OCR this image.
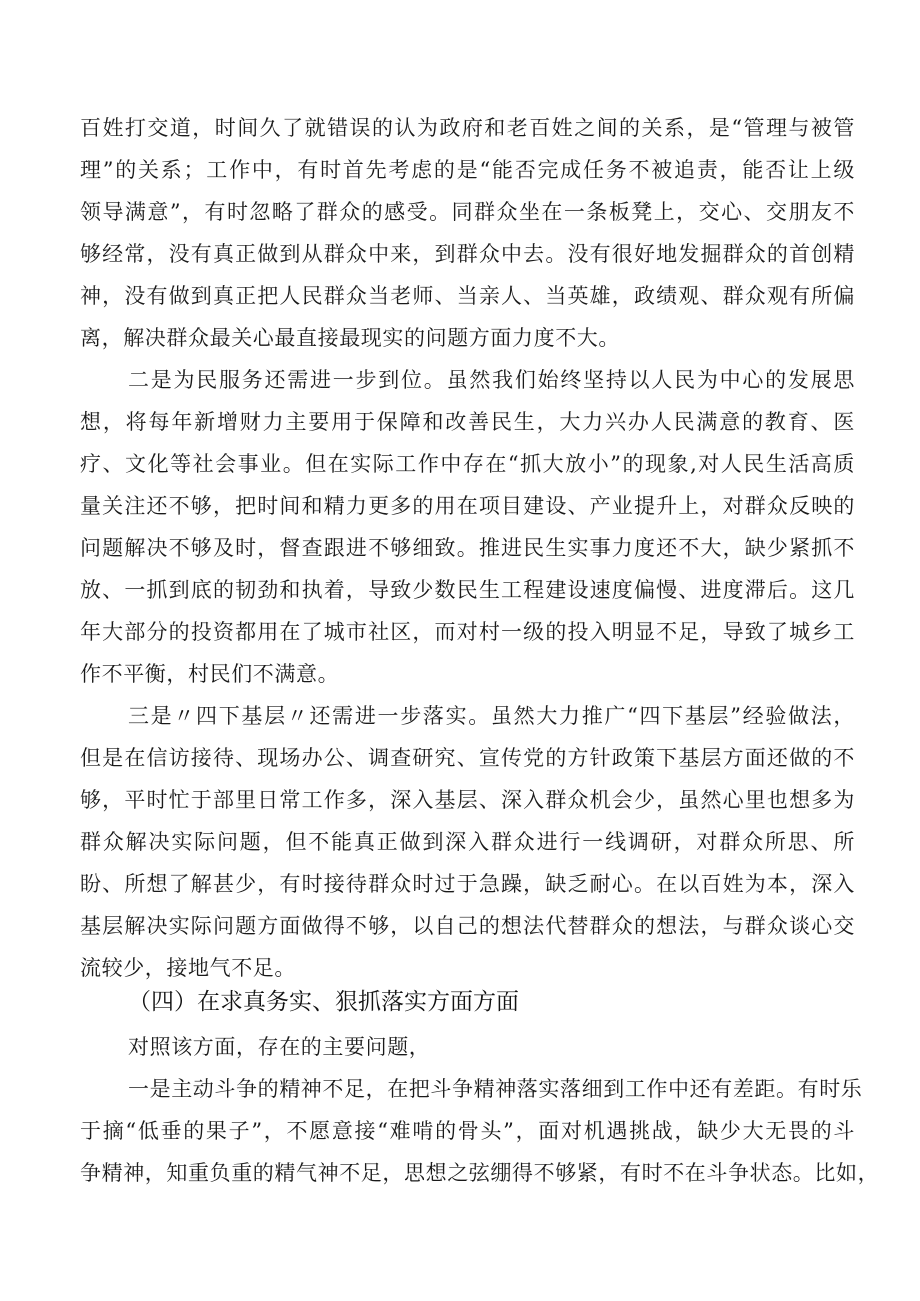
百姓打交道，时间久了就错误的认为政府和老百姓之间的关系，是“管理与被管
理”的关系；工作中，有时首先考虑的是“能否完成任务不被追责，能否让上级
领导满意”，有时忽略了群众的感受。同群众坐在一条板凳上，交心、交朋友不
够经常，没有真正做到从群众中来，到群众中去。没有很好地发掘群众的首创精
神，没有做到真正把人民群众当老师、当亲人、当英雄，政绩观、群众观有所偏
离，解决群众最关心最直接最现实的问题方面力度不大。
二是为民服务还需进一步到位。虽然我们始终坚持以人民为中心的发展思
想，将每年新增财力主要用于保障和改善民生，大力兴办人民满意的教育、医
疗、文化等社会事业。但在实际工作中存在“抓大放小”的现象,对人民生活高质
量关注还不够，把时间和精力更多的用在项目建设、产业提升上，对群众反映的
问题解决不够及时，督查跟进不够细致。推进民生实事力度还不大，缺少紧抓不
放、一抓到底的韧劲和执着，导致少数民生工程建设速度偏慢、进度滞后。这几
年大部分的投资都用在了城市社区，而对村一级的投入明显不足，导致了城乡工
作不平衡，村民们不满意。
三是〃四下基层〃还需进一步落实。虽然大力推广“四下基层”经验做法，
但是在信访接待、现场办公、调查研究、宣传党的方针政策下基层方面还做的不
够，平时忙于部里日常工作多，深入基层、深入群众机会少，虽然心里也想多为
群众解决实际问题，但不能真正做到深入群众进行一线调研，对群众所思、所
盼、所想了解甚少，有时接待群众时过于急躁，缺乏耐心。在以百姓为本，深入
基层解决实际问题方面做得不够，以自己的想法代替群众的想法，与群众谈心交
流较少，接地气不足。
（四）在求真务实、狠抓落实方面方面
对照该方面，存在的主要问题，
一是主动斗争的精神不足，在把斗争精神落实落细到工作中还有差距。有时乐
于摘“低垂的果子”，不愿意接“难啃的骨头”，面对机遇挑战，缺少大无畏的斗
争精神，知重负重的精气神不足，思想之弦绷得不够紧，有时不在斗争状态。比如，
